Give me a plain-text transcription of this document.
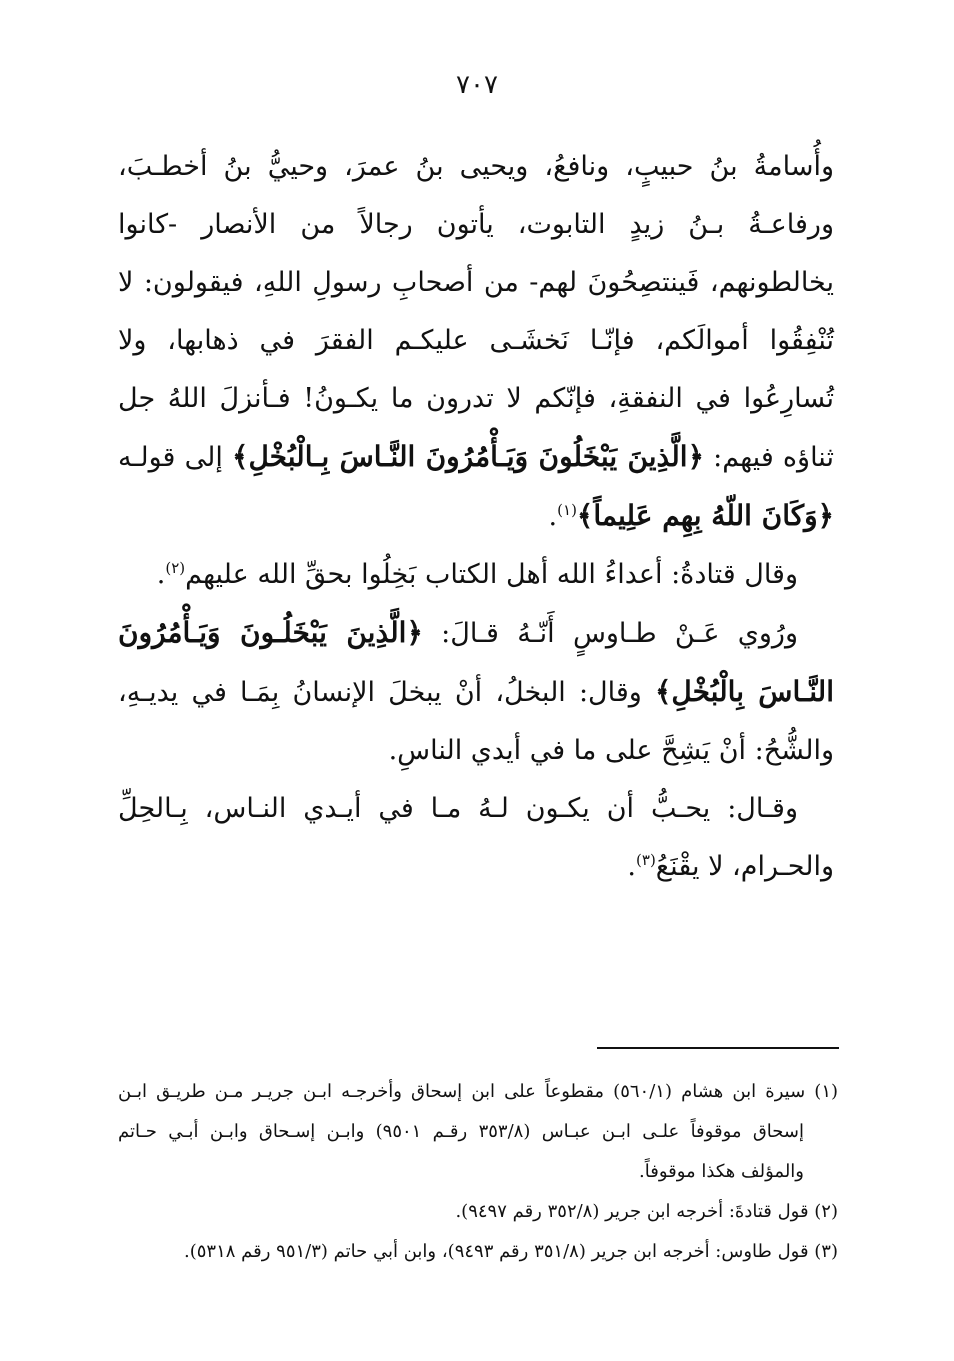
٧٠٧

وأُسامةُ بنُ حبيبٍ، ونافعُ، ويحيى بنُ عمرَ، وحييُّ بنُ أخطـبَ، ورفاعـةُ بـنُ زيدٍ التابوت، يأتون رجالاً من الأنصار -كانوا يخالطونهم، فَينتصِحُونَ لهم- من أصحابِ رسولِ اللهِ، فيقولون: لا تُنْفِقُوا أموالَكم، فإنّـا نَخشَـى عليكـم الفقرَ في ذهابها، ولا تُسارِعُوا في النفقةِ، فإنّكم لا تدرون ما يكـونُ! فـأنزلَ اللهُ جل ثناؤه فيهم: ﴿الَّذِينَ يَبْخَلُونَ وَيَـأْمُرُونَ النَّـاسَ بِـالْبُخْلِ﴾ إلى قولـه ﴿وَكَانَ اللّهُ بِهِم عَلِيماً﴾$^{(١)}$.

وقال قتادةُ: أعداءُ الله أهل الكتاب بَخِلُوا بحقِّ الله عليهم$^{(٢)}$.

ورُوي عَـنْ طـاوسٍ أَنّـهُ قـالَ: ﴿الَّذِينَ يَبْخَلُـونَ وَيَـأْمُرُونَ النَّـاسَ بِالْبُخْلِ﴾ وقال: البخلُ، أنْ يبخلَ الإنسانُ بِمَـا في يديـهِ، والشُّحُ: أنْ يَشِحَّ على ما في أيدي الناسِ.

وقـال: يحـبُّ أن يكـون لـهُ مـا في أيـدي النـاس، بِـالحِلِّ والحـرام، لا يقْنَعُ$^{(٣)}$.

(١) سيرة ابن هشام (٥٦٠/١) مقطوعاً على ابن إسحاق وأخرجـه ابـن جريـر مـن طريـق ابـن إسحاق موقوفاً علـى ابـن عبـاس (٣٥٣/٨ رقـم ٩٥٠١) وابـن إسـحاق وابـن أبـي حـاتم والمؤلف هكذا موقوفاً.

(٢) قول قتادةَ: أخرجه ابن جرير (٣٥٢/٨ رقم ٩٤٩٧).

(٣) قول طاوس: أخرجه ابن جرير (٣٥١/٨ رقم ٩٤٩٣)، وابن أبي حاتم (٩٥١/٣ رقم ٥٣١٨).
